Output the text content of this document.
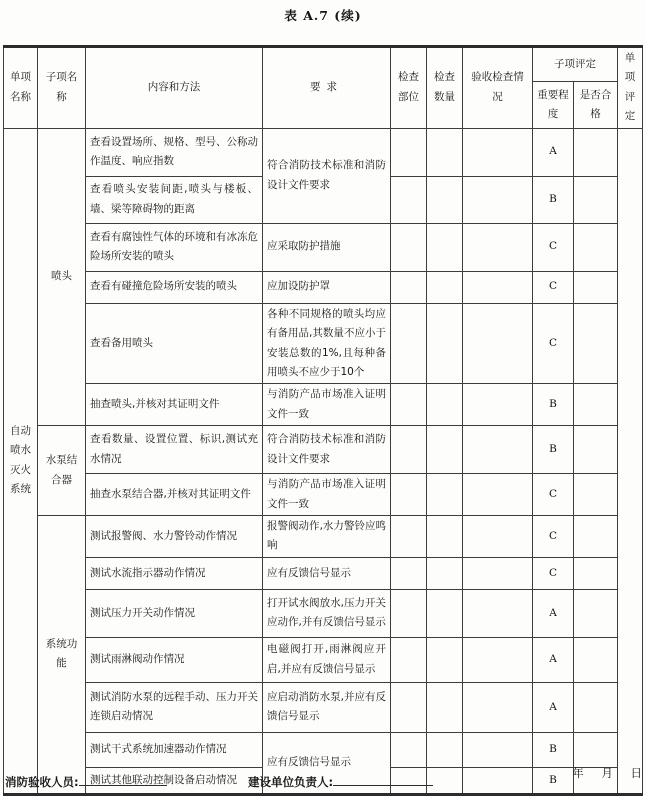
表 A.7 (续)
单项名称	子项名称	内容和方法	要求	检查部位	检查数量	验收检查情况	子项评定		单项评定
							重要程度	是否合格	
自动喷水灭火系统	喷头	查看设置场所、规格、型号、公称动作温度、响应指数	符合消防技术标准和消防设计文件要求				A		
		查看喷头安装间距,喷头与楼板、墙、梁等障碍物的距离					B		
		查看有腐蚀性气体的环境和有冰冻危险场所安装的喷头	应采取防护措施				C		
		查看有碰撞危险场所安装的喷头	应加设防护罩				C		
		查看备用喷头	各种不同规格的喷头均应有备用品,其数量不应小于安装总数的1%,且每种备用喷头不应少于10个				C		
		抽查喷头,并核对其证明文件	与消防产品市场准入证明文件一致				B		
	水泵结合器	查看数量、设置位置、标识,测试充水情况	符合消防技术标准和消防设计文件要求				B		
		抽查水泵结合器,并核对其证明文件	与消防产品市场准入证明文件一致				C		
	系统功能	测试报警阀、水力警铃动作情况	报警阀动作,水力警铃应鸣响				C		
		测试水流指示器动作情况	应有反馈信号显示				C		
		测试压力开关动作情况	打开试水阀放水,压力开关应动作,并有反馈信号显示				A		
		测试雨淋阀动作情况	电磁阀打开,雨淋阀应开启,并应有反馈信号显示				A		
		测试消防水泵的远程手动、压力开关连锁启动情况	应启动消防水泵,并应有反馈信号显示				A		
		测试干式系统加速器动作情况	应有反馈信号显示				B		
		测试其他联动控制设备启动情况					B		
消防验收人员:	建设单位负责人:
年 月 日
